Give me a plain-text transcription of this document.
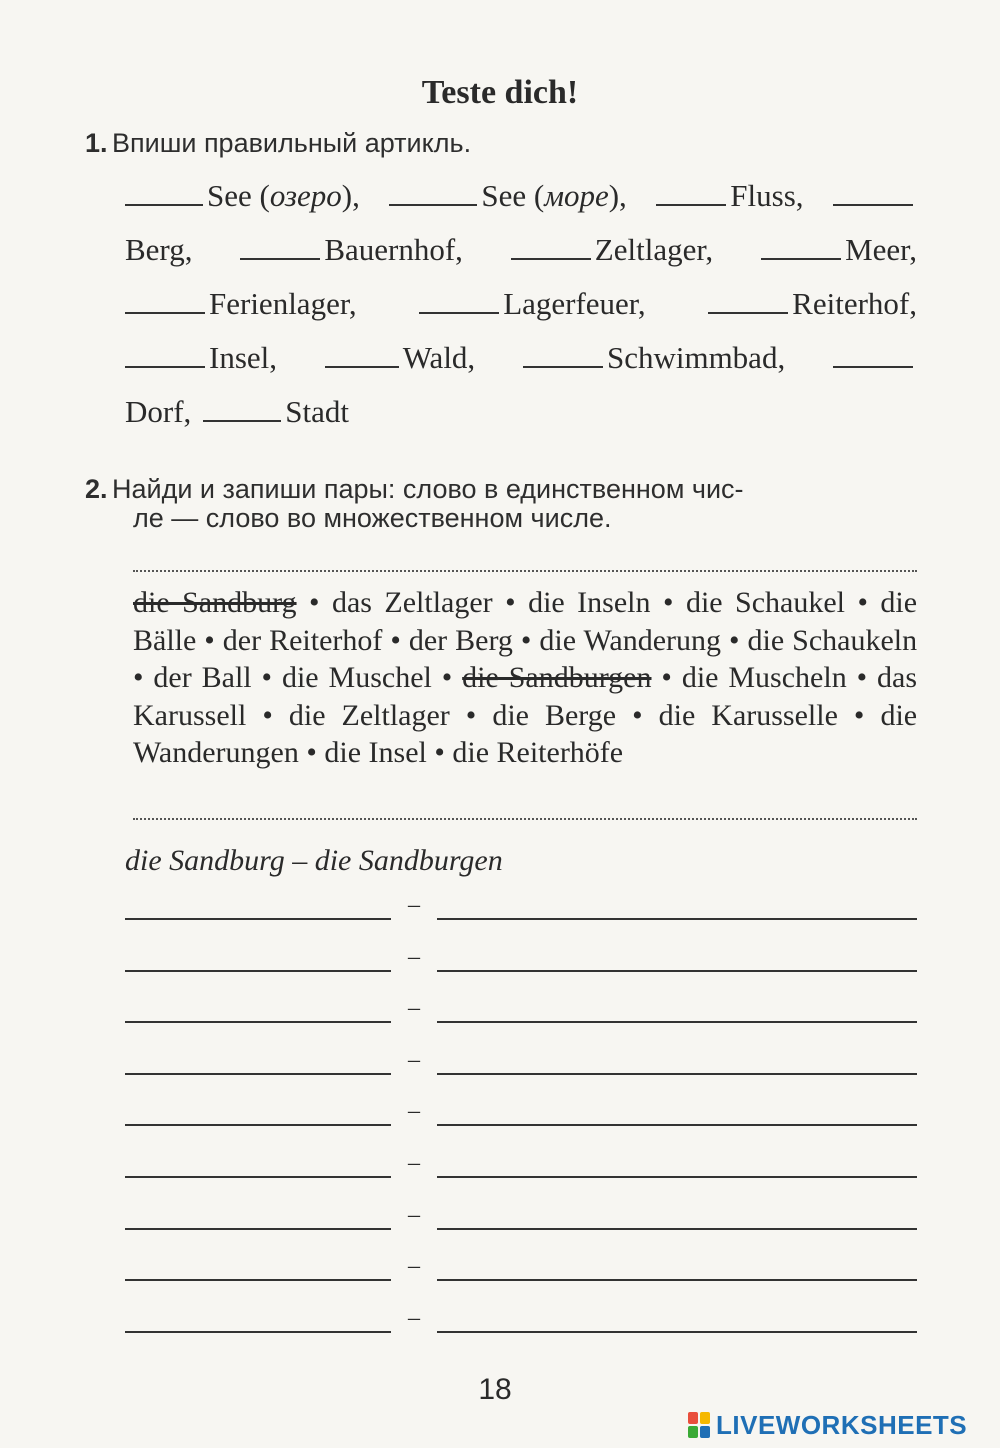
Teste dich!
1. Впиши правильный артикль.
See (озеро),	See (море),	Fluss,
Berg,	Bauernhof,	Zeltlager,	Meer,
Ferienlager,	Lagerfeuer,	Reiterhof,
Insel,	Wald,	Schwimmbad,
Dorf,	Stadt
2. Найди и запиши пары: слово в единственном чис-
ле — слово во множественном числе.
die Sandburg • das Zeltlager • die Inseln • die Schaukel • die Bälle • der Reiterhof • der Berg • die Wanderung • die Schaukeln • der Ball • die Muschel • die Sandburgen • die Muscheln • das Karussell • die Zeltlager • die Berge • die Karusselle • die Wanderungen • die Insel • die Reiterhöfe
die Sandburg – die Sandburgen
–
–
–
–
–
–
–
–
–
18
LIVEWORKSHEETS
